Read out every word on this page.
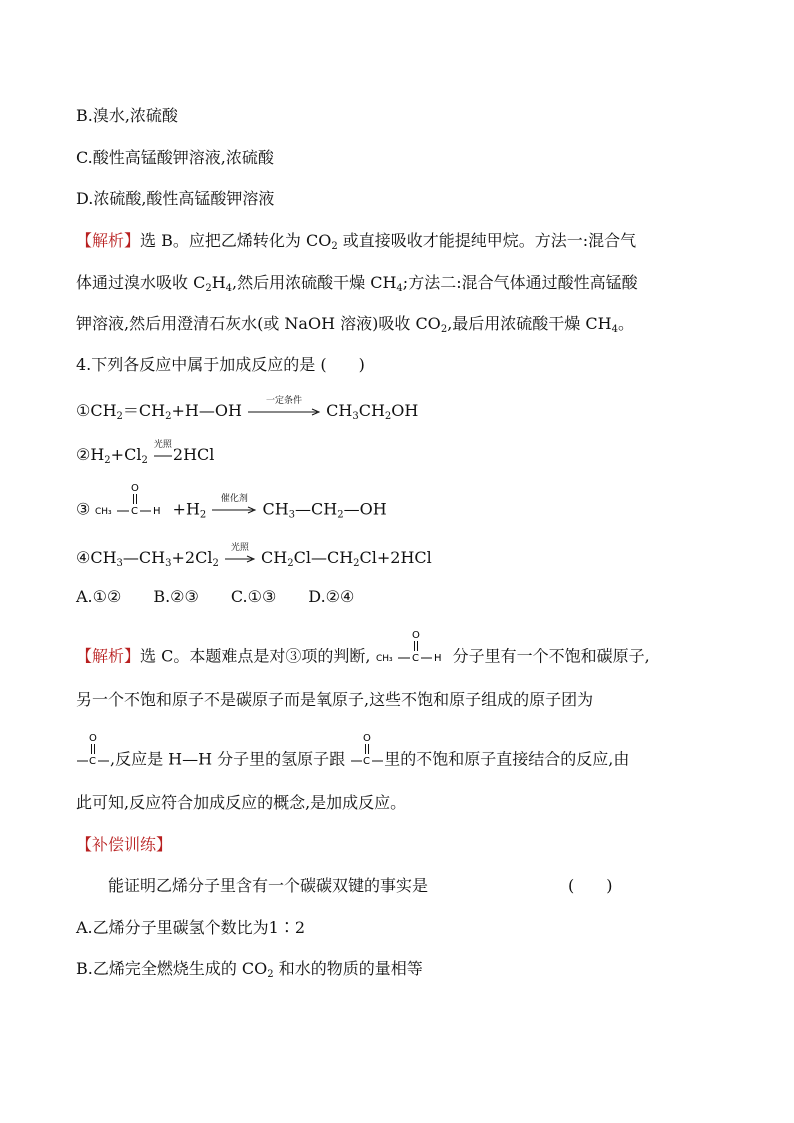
B.溴水,浓硫酸
C.酸性高锰酸钾溶液,浓硫酸
D.浓硫酸,酸性高锰酸钾溶液
【解析】选 B。应把乙烯转化为 $CO_2$ 或直接吸收才能提纯甲烷。方法一:混合气
体通过溴水吸收 $C_2H_4$,然后用浓硫酸干燥 $CH_4$;方法二:混合气体通过酸性高锰酸
钾溶液,然后用澄清石灰水(或 NaOH 溶液)吸收 $CO_2$,最后用浓硫酸干燥 $CH_4$。
4.下列各反应中属于加成反应的是 (　　)
$①CH_2=CH_2+H—OH$
一定条件
$CH_3CH_2OH$
$②H_2+Cl_2$
光照
2HCl
③ CH₃ C
O
$H +H_2$
催化剂
$CH_3—CH_2—OH$
$④CH_3—CH_3+2Cl_2$
光照
$CH_2Cl—CH_2Cl+2HCl$
A.①②　　B.②③　　C.①③　　D.②④
【解析】选 C。本题难点是对③项的判断, CH₃ C
O
H 分子里有一个不饱和碳原子,
另一个不饱和原子不是碳原子而是氧原子,这些不饱和原子组成的原子团为
O
C ,反应是 H—H 分子里的氢原子跟
O
C 里的不饱和原子直接结合的反应,由
此可知,反应符合加成反应的概念,是加成反应。
【补偿训练】
能证明乙烯分子里含有一个碳碳双键的事实是	(　　)
A.乙烯分子里碳氢个数比为1∶2
B.乙烯完全燃烧生成的 $CO_2$ 和水的物质的量相等
